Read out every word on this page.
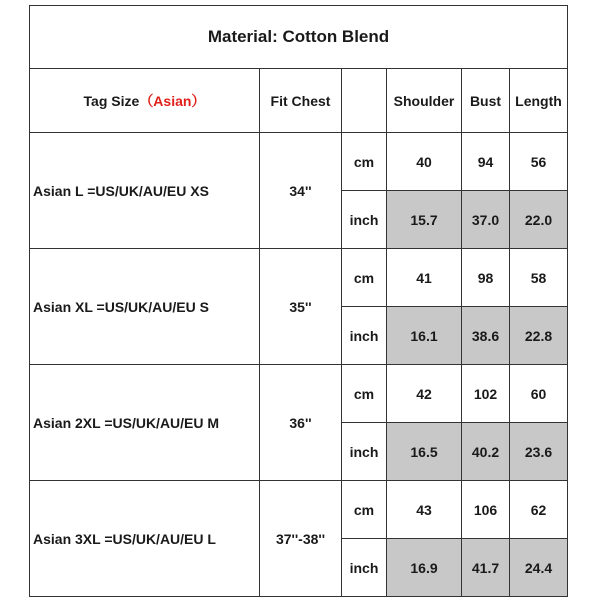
Material: Cotton Blend					
Tag Size（Asian）	Fit Chest		Shoulder	Bust	Length
Asian L =US/UK/AU/EU XS	34''	cm	40	94	56
		inch	15.7	37.0	22.0
Asian XL =US/UK/AU/EU S	35''	cm	41	98	58
		inch	16.1	38.6	22.8
Asian 2XL =US/UK/AU/EU M	36''	cm	42	102	60
		inch	16.5	40.2	23.6
Asian 3XL =US/UK/AU/EU L	37''-38''	cm	43	106	62
		inch	16.9	41.7	24.4
